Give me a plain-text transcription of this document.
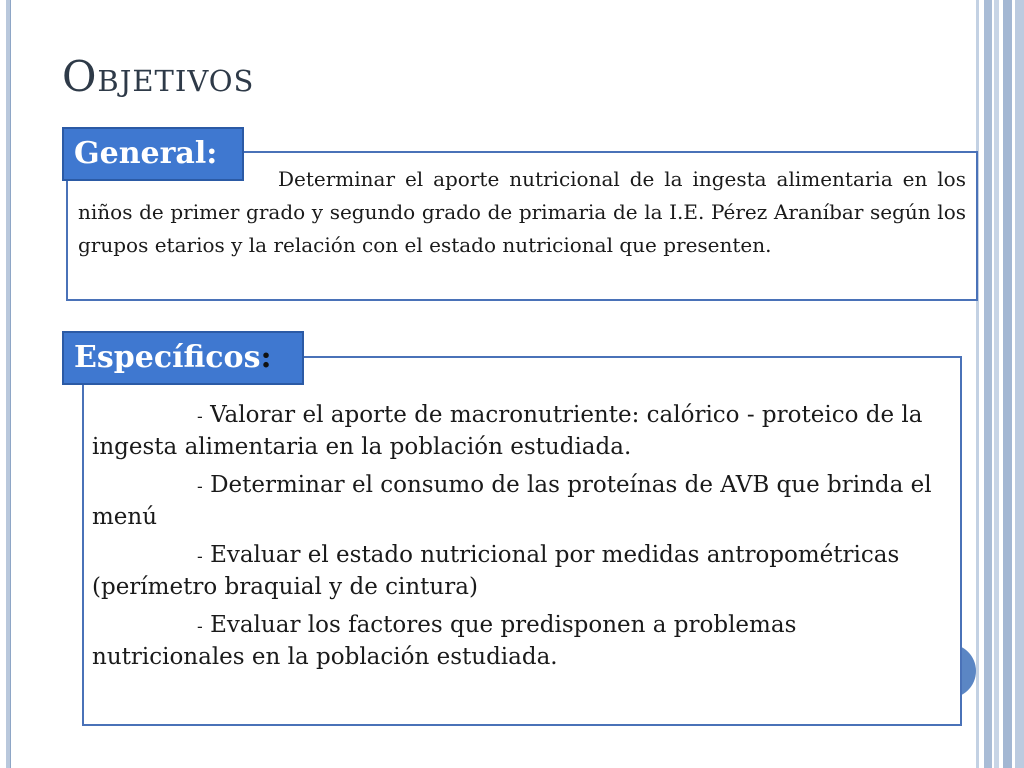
Objetivos

Determinar el aporte nutricional de la ingesta alimentaria en los niños de primer grado y segundo grado de primaria de la I.E. Pérez Araníbar según los grupos etarios y la relación con el estado nutricional que presenten.

General:
- Valorar el aporte de macronutriente: calórico - proteico de la ingesta alimentaria en la población estudiada.
- Determinar el consumo de las proteínas de AVB que brinda el menú
- Evaluar el estado nutricional por medidas antropométricas (perímetro braquial y de cintura)
- Evaluar los factores que predisponen a problemas nutricionales en la población estudiada.
Específicos:
